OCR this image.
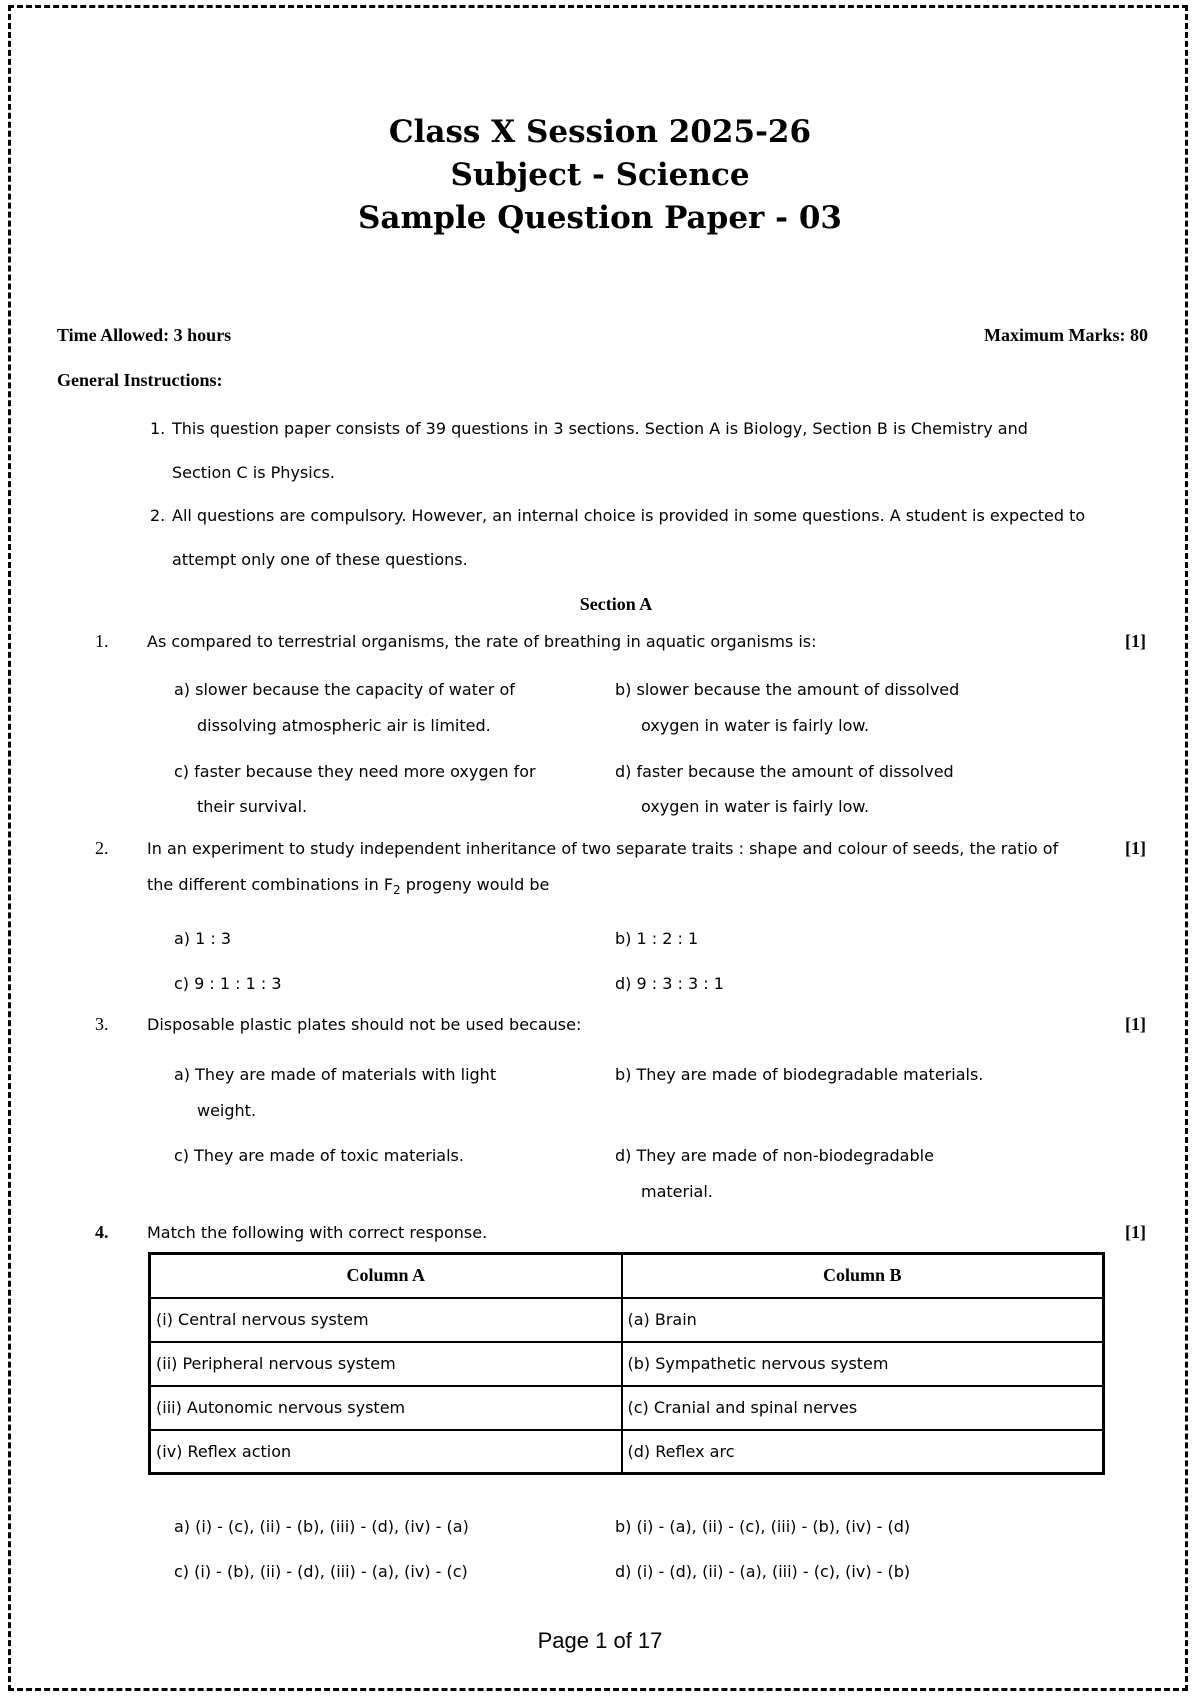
Class X Session 2025-26
Subject - Science
Sample Question Paper - 03
Time Allowed: 3 hours	Maximum Marks: 80
General Instructions:
1. This question paper consists of 39 questions in 3 sections. Section A is Biology, Section B is Chemistry and
Section C is Physics.
2. All questions are compulsory. However, an internal choice is provided in some questions. A student is expected to
attempt only one of these questions.
Section A
1. As compared to terrestrial organisms, the rate of breathing in aquatic organisms is:	[1]
a) slower because the capacity of water of
dissolving atmospheric air is limited.
b) slower because the amount of dissolved
oxygen in water is fairly low.
c) faster because they need more oxygen for
their survival.
d) faster because the amount of dissolved
oxygen in water is fairly low.
2. In an experiment to study independent inheritance of two separate traits : shape and colour of seeds, the ratio of	[1]
the different combinations in $F_2$ progeny would be
a) 1 : 3	b) 1 : 2 : 1
c) 9 : 1 : 1 : 3	d) 9 : 3 : 3 : 1
3. Disposable plastic plates should not be used because:	[1]
a) They are made of materials with light
weight.
b) They are made of biodegradable materials.
c) They are made of toxic materials.	d) They are made of non-biodegradable
material.
4. Match the following with correct response.	[1]
Column A	Column B
(i) Central nervous system	(a) Brain
(ii) Peripheral nervous system	(b) Sympathetic nervous system
(iii) Autonomic nervous system	(c) Cranial and spinal nerves
(iv) Reflex action	(d) Reflex arc
a) (i) - (c), (ii) - (b), (iii) - (d), (iv) - (a)	b) (i) - (a), (ii) - (c), (iii) - (b), (iv) - (d)
c) (i) - (b), (ii) - (d), (iii) - (a), (iv) - (c)	d) (i) - (d), (ii) - (a), (iii) - (c), (iv) - (b)
Page 1 of 17
